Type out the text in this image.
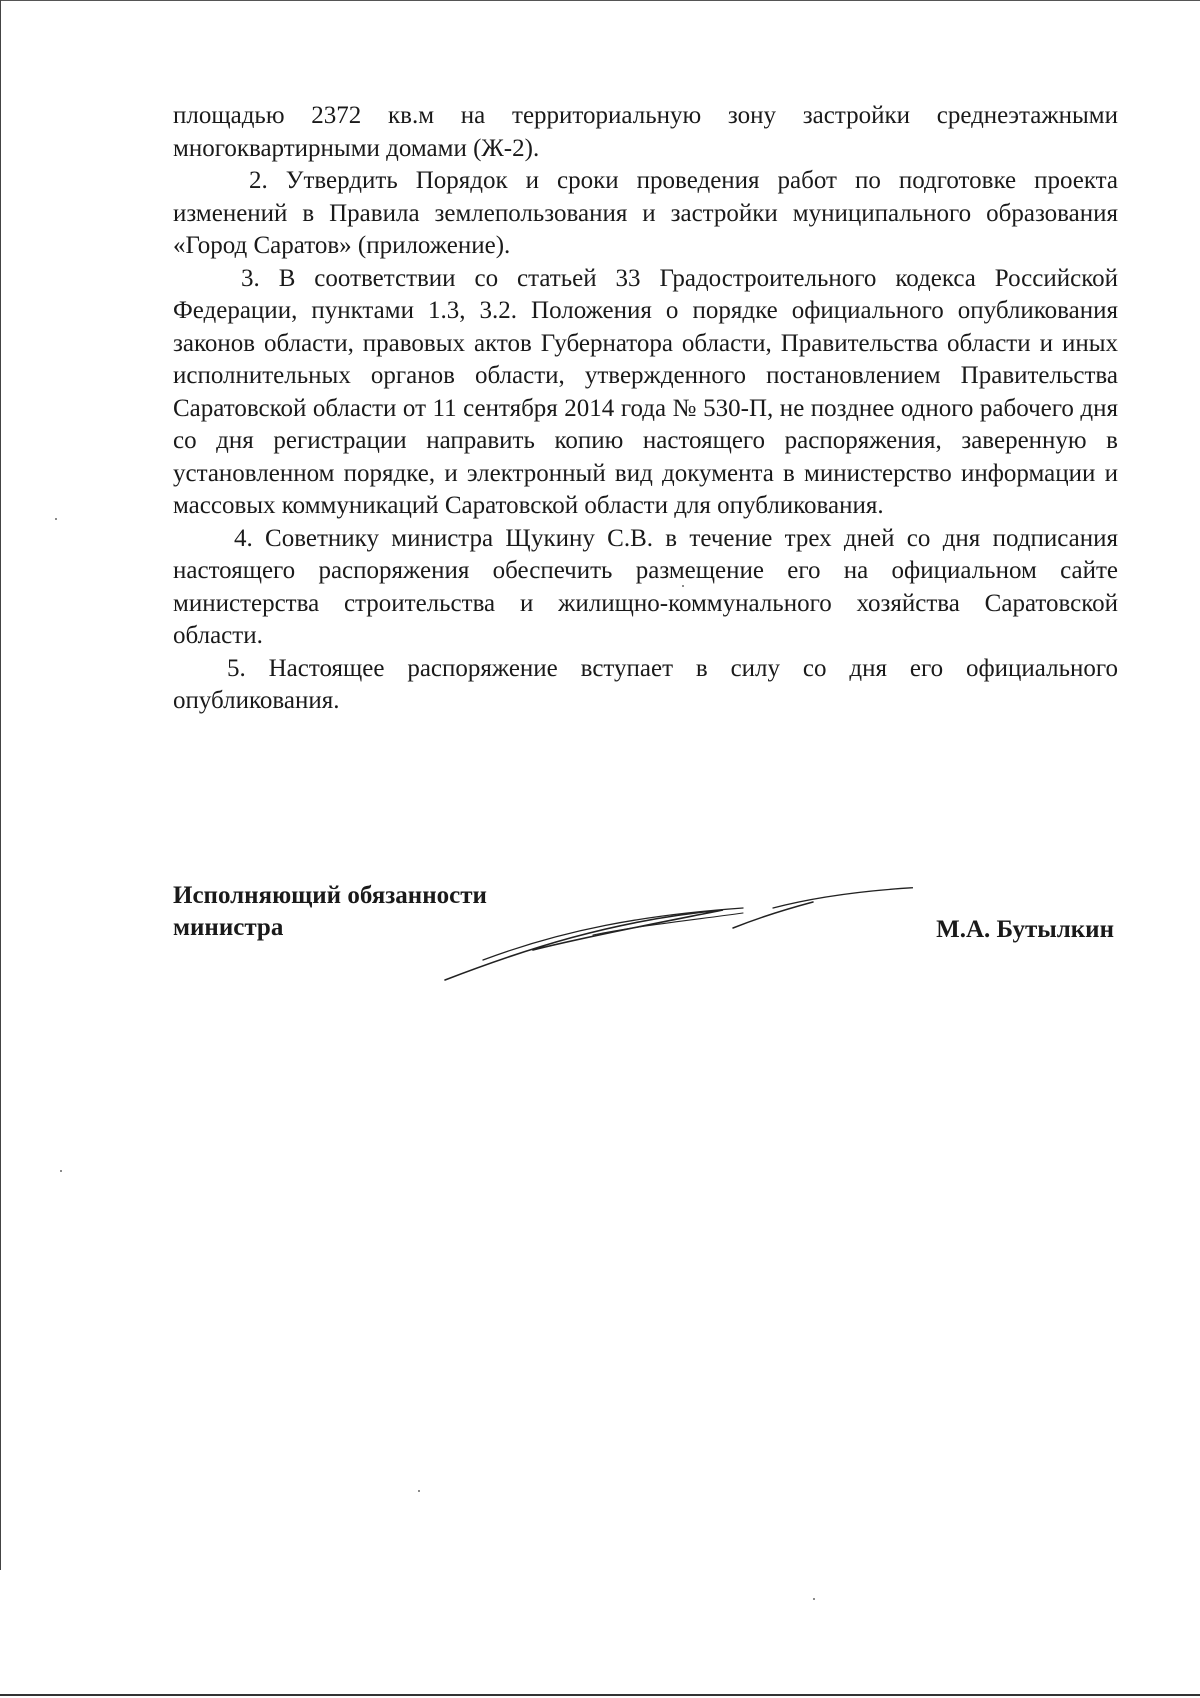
площадью 2372 кв.м на территориальную зону застройки среднеэтажными многоквартирными домами (Ж-2).

2. Утвердить Порядок и сроки проведения работ по подготовке проекта изменений в Правила землепользования и застройки муниципального образования «Город Саратов» (приложение).

3. В соответствии со статьей 33 Градостроительного кодекса Российской Федерации, пунктами 1.3, 3.2. Положения о порядке официального опубликования законов области, правовых актов Губернатора области, Правительства области и иных исполнительных органов области, утвержденного постановлением Правительства Саратовской области от 11 сентября 2014 года № 530-П, не позднее одного рабочего дня со дня регистрации направить копию настоящего распоряжения, заверенную в установленном порядке, и электронный вид документа в министерство информации и массовых коммуникаций Саратовской области для опубликования.

4. Советнику министра Щукину С.В. в течение трех дней со дня подписания настоящего распоряжения обеспечить размещение его на официальном сайте министерства строительства и жилищно-коммунального хозяйства Саратовской области.

5. Настоящее распоряжение вступает в силу со дня его официального опубликования.

Исполняющий обязанности
министра	М.А. Бутылкин
